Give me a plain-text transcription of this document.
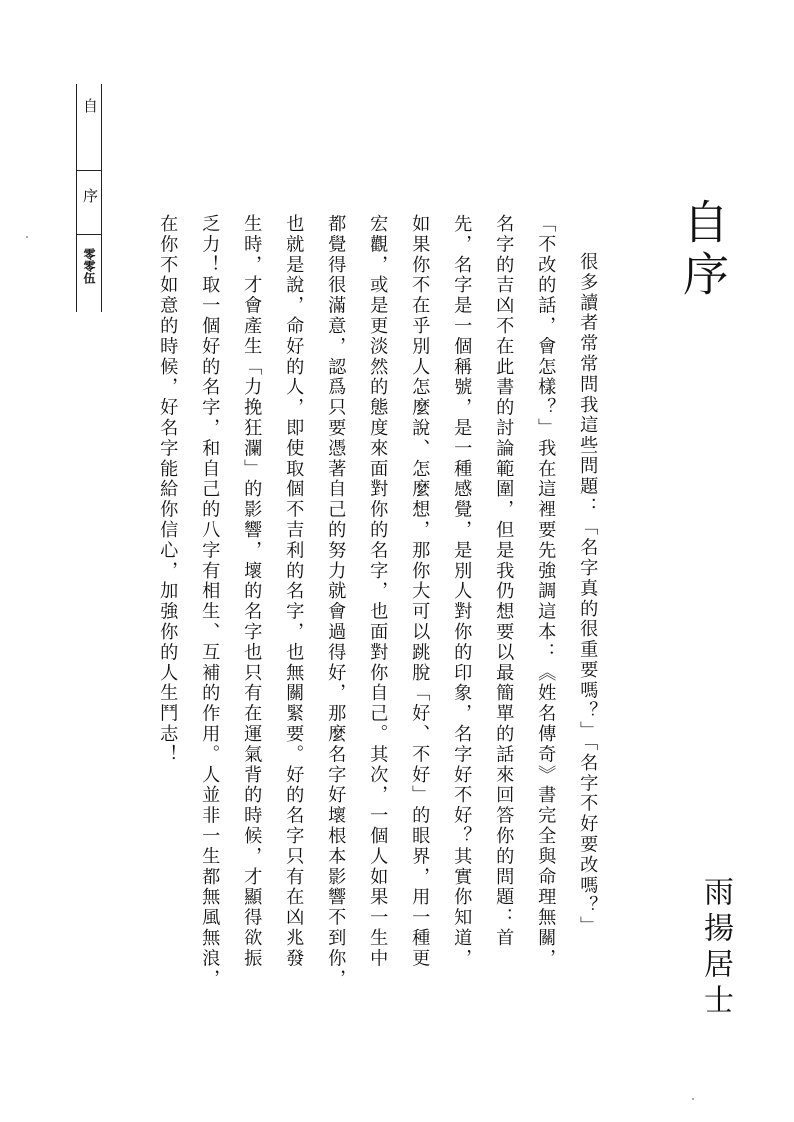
自
序
零零伍	自序
很多讀者常常問我這些問題：「名字真的很重要嗎？」「名字不好要改嗎？」
「不改的話，會怎樣？」我在這裡要先強調這本：《姓名傳奇》書完全與命理無關，
名字的吉凶不在此書的討論範圍，但是我仍想要以最簡單的話來回答你的問題：首
先，名字是一個稱號，是一種感覺，是別人對你的印象，名字好不好？其實你知道，
如果你不在乎別人怎麼說、怎麼想，那你大可以跳脫「好、不好」的眼界，用一種更
宏觀，或是更淡然的態度來面對你的名字，也面對你自己。其次，一個人如果一生中
都覺得很滿意，認爲只要憑著自己的努力就會過得好，那麼名字好壞根本影響不到你，
也就是說，命好的人，即使取個不吉利的名字，也無關緊要。好的名字只有在凶兆發
生時，才會產生「力挽狂瀾」的影響，壞的名字也只有在運氣背的時候，才顯得欲振
乏力！取一個好的名字，和自己的八字有相生、互補的作用。人並非一生都無風無浪，
在你不如意的時候，好名字能給你信心，加強你的人生鬥志！
雨揚居士
